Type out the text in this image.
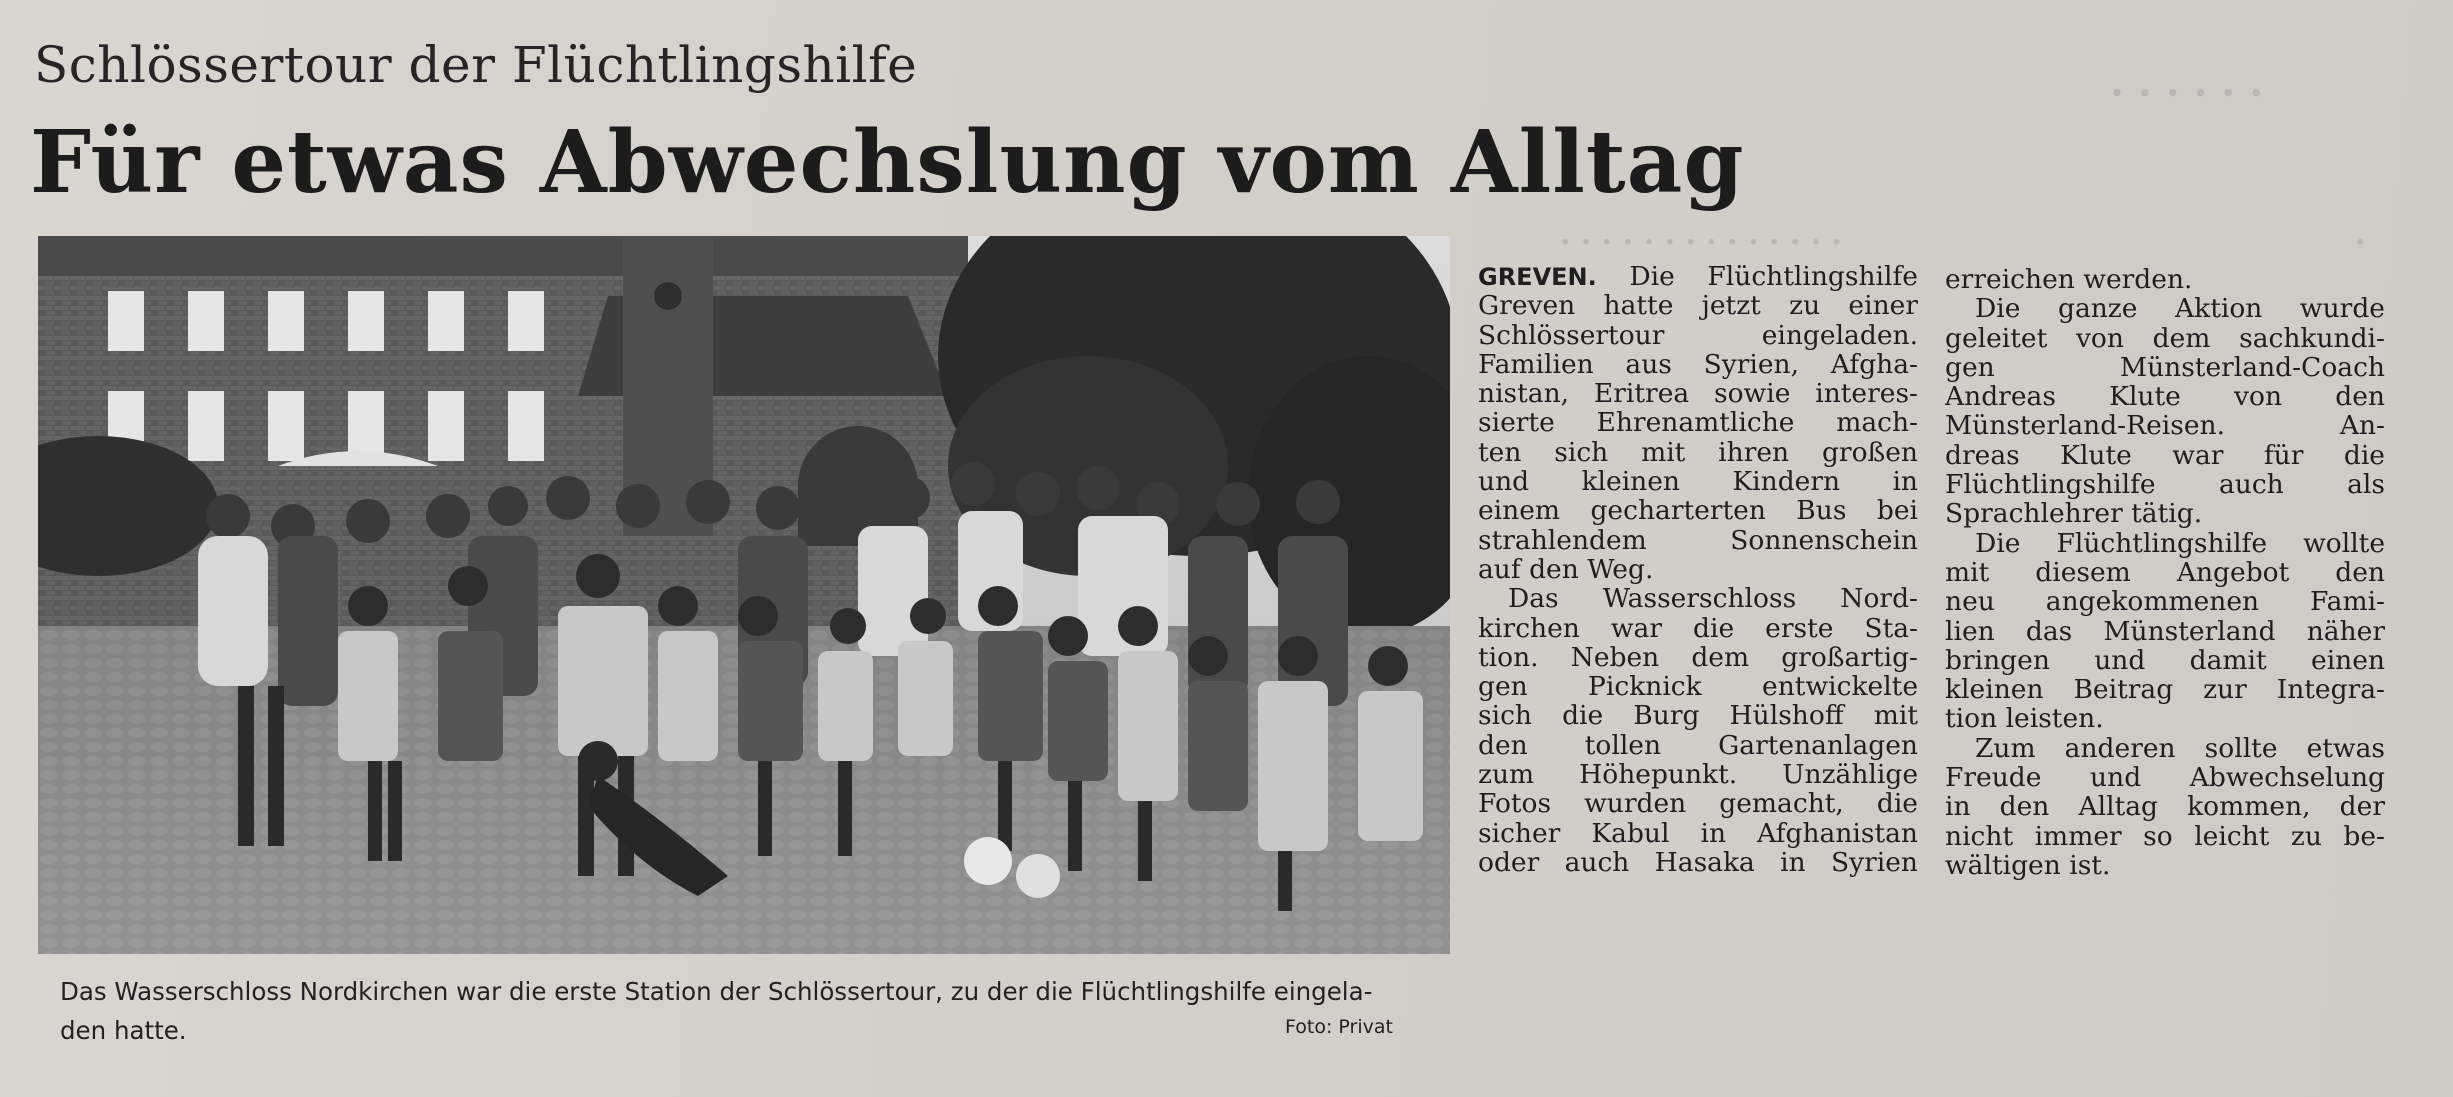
· · · · · ·
· · · · · · · · · · · · · ·	·
Schlössertour der Flüchtlingshilfe
Für etwas Abwechslung vom Alltag
Das Wasserschloss Nordkirchen war die erste Station der Schlössertour, zu der die Flüchtlingshilfe eingela-
den hatte.	Foto: Privat
GREVEN. Die Flüchtlingshilfe
Greven hatte jetzt zu einer
Schlössertour eingeladen.
Familien aus Syrien, Afgha-
nistan, Eritrea sowie interes-
sierte Ehrenamtliche mach-
ten sich mit ihren großen
und kleinen Kindern in
einem gecharterten Bus bei
strahlendem Sonnenschein
auf den Weg.
Das Wasserschloss Nord-
kirchen war die erste Sta-
tion. Neben dem großartig-
gen Picknick entwickelte
sich die Burg Hülshoff mit
den tollen Gartenanlagen
zum Höhepunkt. Unzählige
Fotos wurden gemacht, die
sicher Kabul in Afghanistan
oder auch Hasaka in Syrien
erreichen werden.
Die ganze Aktion wurde
geleitet von dem sachkundi-
gen Münsterland-Coach
Andreas Klute von den
Münsterland-Reisen. An-
dreas Klute war für die
Flüchtlingshilfe auch als
Sprachlehrer tätig.
Die Flüchtlingshilfe wollte
mit diesem Angebot den
neu angekommenen Fami-
lien das Münsterland näher
bringen und damit einen
kleinen Beitrag zur Integra-
tion leisten.
Zum anderen sollte etwas
Freude und Abwechselung
in den Alltag kommen, der
nicht immer so leicht zu be-
wältigen ist.
